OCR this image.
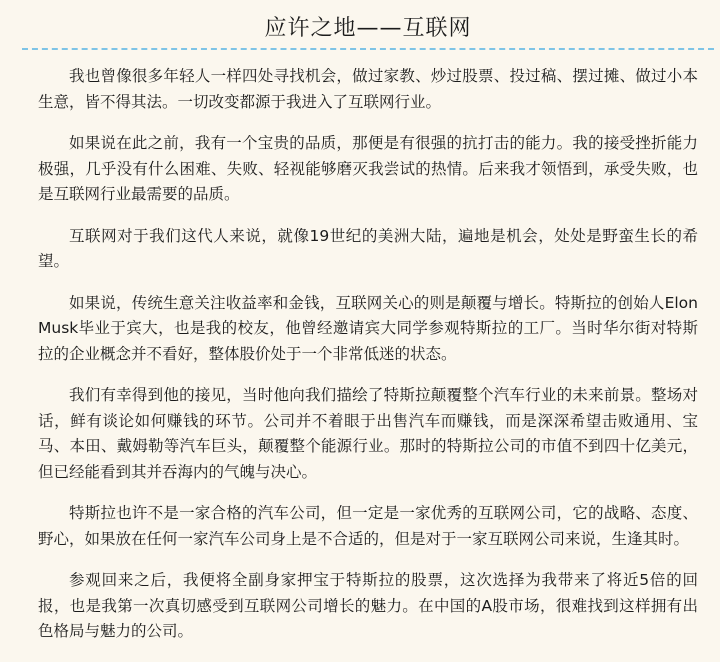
应许之地——互联网

我也曾像很多年轻人一样四处寻找机会，做过家教、炒过股票、投过稿、摆过摊、做过小本生意，皆不得其法。一切改变都源于我进入了互联网行业。

如果说在此之前，我有一个宝贵的品质，那便是有很强的抗打击的能力。我的接受挫折能力极强，几乎没有什么困难、失败、轻视能够磨灭我尝试的热情。后来我才领悟到，承受失败，也是互联网行业最需要的品质。

互联网对于我们这代人来说，就像19世纪的美洲大陆，遍地是机会，处处是野蛮生长的希望。

如果说，传统生意关注收益率和金钱，互联网关心的则是颠覆与增长。特斯拉的创始人Elon Musk毕业于宾大，也是我的校友，他曾经邀请宾大同学参观特斯拉的工厂。当时华尔街对特斯拉的企业概念并不看好，整体股价处于一个非常低迷的状态。

我们有幸得到他的接见，当时他向我们描绘了特斯拉颠覆整个汽车行业的未来前景。整场对话，鲜有谈论如何赚钱的环节。公司并不着眼于出售汽车而赚钱，而是深深希望击败通用、宝马、本田、戴姆勒等汽车巨头，颠覆整个能源行业。那时的特斯拉公司的市值不到四十亿美元，但已经能看到其并吞海内的气魄与决心。

特斯拉也许不是一家合格的汽车公司，但一定是一家优秀的互联网公司，它的战略、态度、野心，如果放在任何一家汽车公司身上是不合适的，但是对于一家互联网公司来说，生逢其时。

参观回来之后，我便将全副身家押宝于特斯拉的股票，这次选择为我带来了将近5倍的回报，也是我第一次真切感受到互联网公司增长的魅力。在中国的A股市场，很难找到这样拥有出色格局与魅力的公司。
